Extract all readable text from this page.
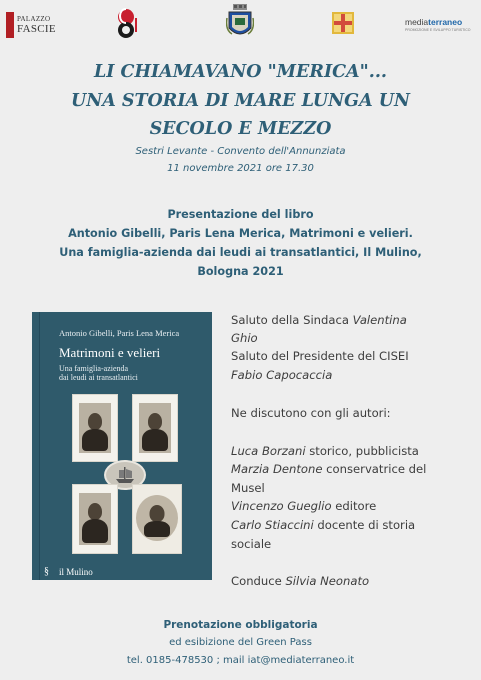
PALAZZO
FASCIE
mediaterraneo
PROMOZIONE E SVILUPPO TURISTICO
LI CHIAMAVANO "MERICA"...
UNA STORIA DI MARE LUNGA UN
SECOLO E MEZZO
Sestri Levante - Convento dell'Annunziata
11 novembre 2021 ore 17.30
Presentazione del libro
Antonio Gibelli, Paris Lena Merica, Matrimoni e velieri.
Una famiglia-azienda dai leudi ai transatlantici, Il Mulino,
Bologna 2021
Antonio Gibelli, Paris Lena Merica
Matrimoni e velieri
Una famiglia-azienda
dai leudi ai transatlantici
§ il Mulino
Saluto della Sindaca Valentina
Ghio
Saluto del Presidente del CISEI
Fabio Capocaccia
Ne discutono con gli autori:
Luca Borzani storico, pubblicista
Marzia Dentone conservatrice del
Musel
Vincenzo Gueglio editore
Carlo Stiaccini docente di storia
sociale
Conduce Silvia Neonato
Prenotazione obbligatoria
ed esibizione del Green Pass
tel. 0185-478530 ; mail iat@mediaterraneo.it
